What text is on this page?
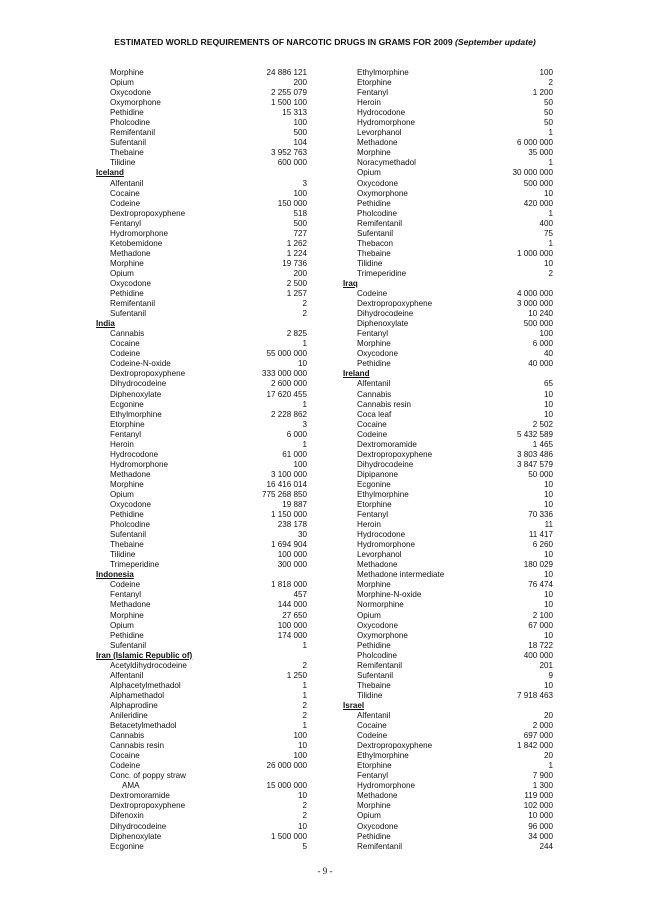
ESTIMATED WORLD REQUIREMENTS OF NARCOTIC DRUGS IN GRAMS FOR 2009 (September update)
Morphine	24 886 121
Opium	200
Oxycodone	2 255 079
Oxymorphone	1 500 100
Pethidine	15 313
Pholcodine	100
Remifentanil	500
Sufentanil	104
Thebaine	3 952 763
Tilidine	600 000
Iceland
Alfentanil	3
Cocaine	100
Codeine	150 000
Dextropropoxyphene	518
Fentanyl	500
Hydromorphone	727
Ketobemidone	1 262
Methadone	1 224
Morphine	19 736
Opium	200
Oxycodone	2 500
Pethidine	1 257
Remifentanil	2
Sufentanil	2
India
Cannabis	2 825
Cocaine	1
Codeine	55 000 000
Codeine-N-oxide	10
Dextropropoxyphene	333 000 000
Dihydrocodeine	2 600 000
Diphenoxylate	17 620 455
Ecgonine	1
Ethylmorphine	2 228 862
Etorphine	3
Fentanyl	6 000
Heroin	1
Hydrocodone	61 000
Hydromorphone	100
Methadone	3 100 000
Morphine	16 416 014
Opium	775 268 850
Oxycodone	19 887
Pethidine	1 150 000
Pholcodine	238 178
Sufentanil	30
Thebaine	1 694 904
Tilidine	100 000
Trimeperidine	300 000
Indonesia
Codeine	1 818 000
Fentanyl	457
Methadone	144 000
Morphine	27 650
Opium	100 000
Pethidine	174 000
Sufentanil	1
Iran (Islamic Republic of)
Acetyldihydrocodeine	2
Alfentanil	1 250
Alphacetylmethadol	1
Alphamethadol	1
Alphaprodine	2
Anileridine	2
Betacetylmethadol	1
Cannabis	100
Cannabis resin	10
Cocaine	100
Codeine	26 000 000
Conc. of poppy straw
AMA	15 000 000
Dextromoramide	10
Dextropropoxyphene	2
Difenoxin	2
Dihydrocodeine	10
Diphenoxylate	1 500 000
Ecgonine	5
Ethylmorphine	100
Etorphine	2
Fentanyl	1 200
Heroin	50
Hydrocodone	50
Hydromorphone	50
Levorphanol	1
Methadone	6 000 000
Morphine	35 000
Noracymethadol	1
Opium	30 000 000
Oxycodone	500 000
Oxymorphone	10
Pethidine	420 000
Pholcodine	1
Remifentanil	400
Sufentanil	75
Thebacon	1
Thebaine	1 000 000
Tilidine	10
Trimeperidine	2
Iraq
Codeine	4 000 000
Dextropropoxyphene	3 000 000
Dihydrocodeine	10 240
Diphenoxylate	500 000
Fentanyl	100
Morphine	6 000
Oxycodone	40
Pethidine	40 000
Ireland
Alfentanil	65
Cannabis	10
Cannabis resin	10
Coca leaf	10
Cocaine	2 502
Codeine	5 432 589
Dextromoramide	1 465
Dextropropoxyphene	3 803 486
Dihydrocodeine	3 847 579
Dipipanone	50 000
Ecgonine	10
Ethylmorphine	10
Etorphine	10
Fentanyl	70 336
Heroin	11
Hydrocodone	11 417
Hydromorphone	6 260
Levorphanol	10
Methadone	180 029
Methadone intermediate	10
Morphine	76 474
Morphine-N-oxide	10
Normorphine	10
Opium	2 100
Oxycodone	67 000
Oxymorphone	10
Pethidine	18 722
Pholcodine	400 000
Remifentanil	201
Sufentanil	9
Thebaine	10
Tilidine	7 918 463
Israel
Alfentanil	20
Cocaine	2 000
Codeine	697 000
Dextropropoxyphene	1 842 000
Ethylmorphine	20
Etorphine	1
Fentanyl	7 900
Hydromorphone	1 300
Methadone	119 000
Morphine	102 000
Opium	10 000
Oxycodone	96 000
Pethidine	34 000
Remifentanil	244
- 9 -
